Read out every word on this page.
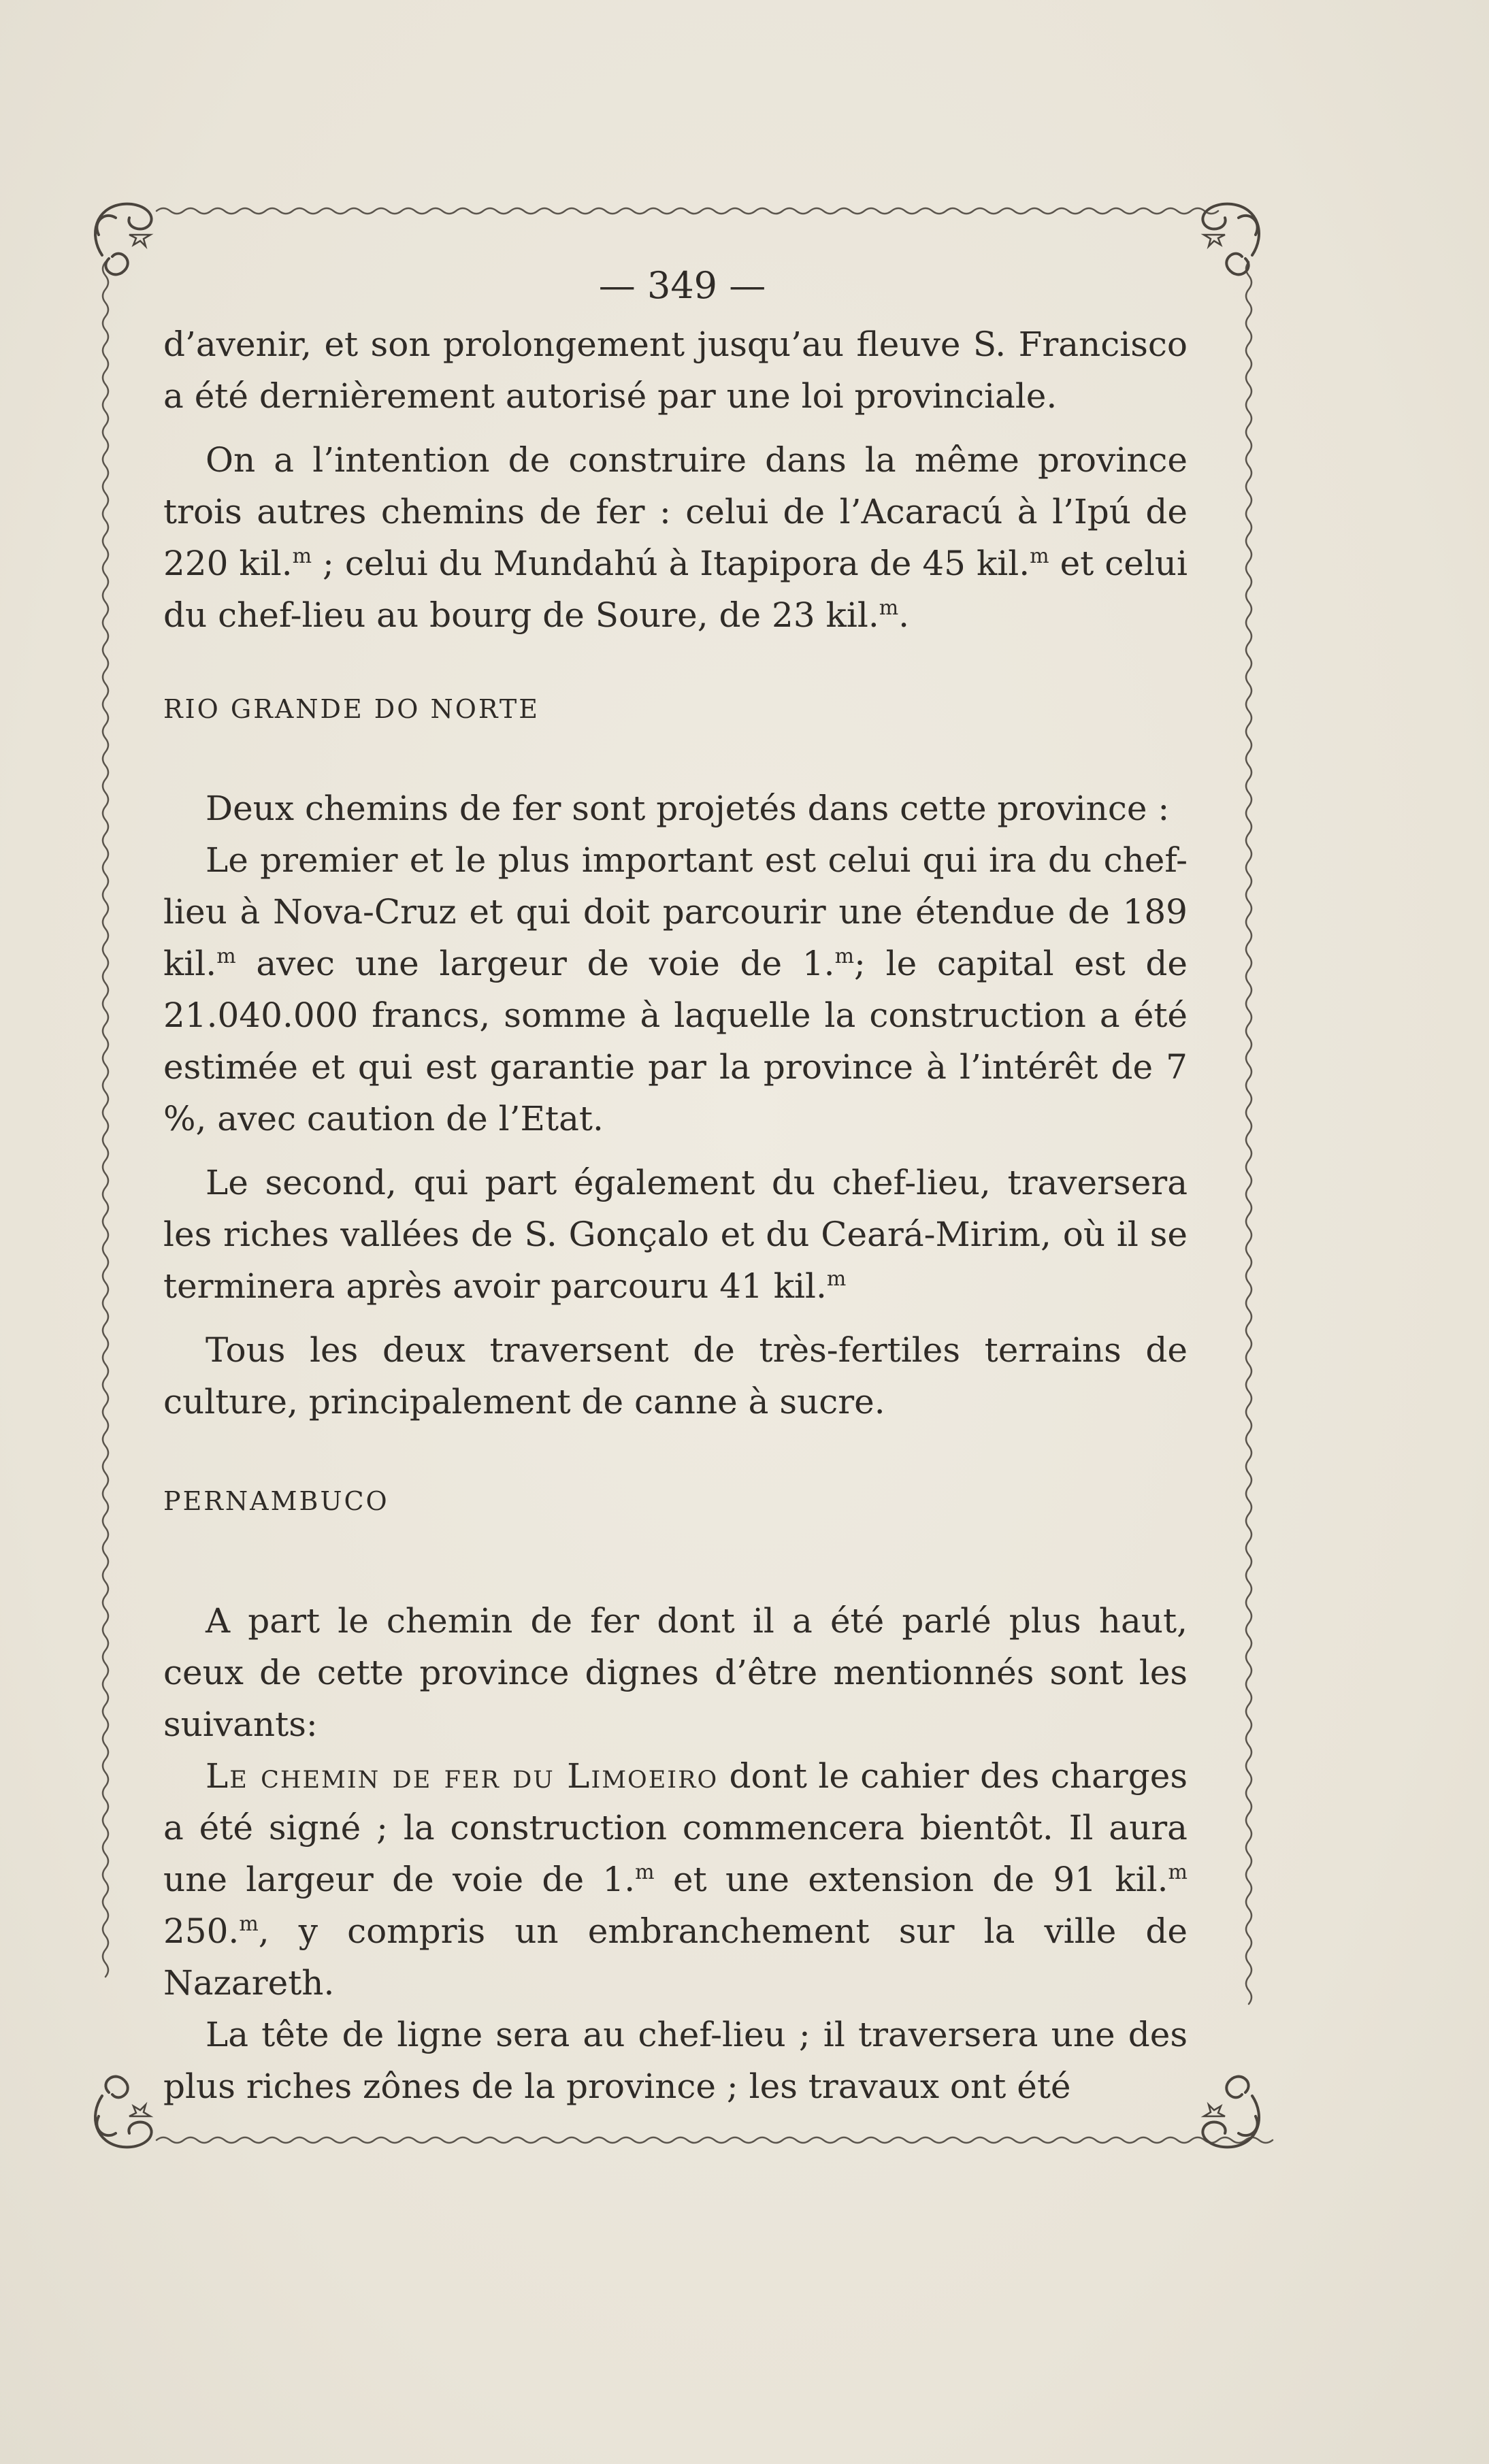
— 349 —

d’avenir, et son prolongement jusqu’au fleuve S. Francisco a été dernièrement autorisé par une loi provinciale.

On a l’intention de construire dans la même province trois autres chemins de fer : celui de l’Acaracú à l’Ipú de 220 kil.$^m$ ; celui du Mundahú à Itapipora de 45 kil.$^m$ et celui du chef-lieu au bourg de Soure, de 23 kil.$^m$.

RIO GRANDE DO NORTE

Deux chemins de fer sont projetés dans cette province :

Le premier et le plus important est celui qui ira du chef-lieu à Nova-Cruz et qui doit parcourir une étendue de 189 kil.$^m$ avec une largeur de voie de 1.$^m$; le capital est de 21.040.000 francs, somme à laquelle la construction a été estimée et qui est garantie par la province à l’intérêt de 7 %, avec caution de l’Etat.

Le second, qui part également du chef-lieu, traversera les riches vallées de S. Gonçalo et du Ceará-Mirim, où il se terminera après avoir parcouru 41 kil.$^m$

Tous les deux traversent de très-fertiles terrains de culture, principalement de canne à sucre.

PERNAMBUCO

A part le chemin de fer dont il a été parlé plus haut, ceux de cette province dignes d’être mentionnés sont les suivants:

Le chemin de fer du Limoeiro dont le cahier des charges a été signé ; la construction commencera bientôt. Il aura une largeur de voie de 1.$^m$ et une extension de 91 kil.$^m$ 250.$^m$, y compris un embranchement sur la ville de Nazareth.

La tête de ligne sera au chef-lieu ; il traversera une des plus riches zônes de la province ; les travaux ont été
